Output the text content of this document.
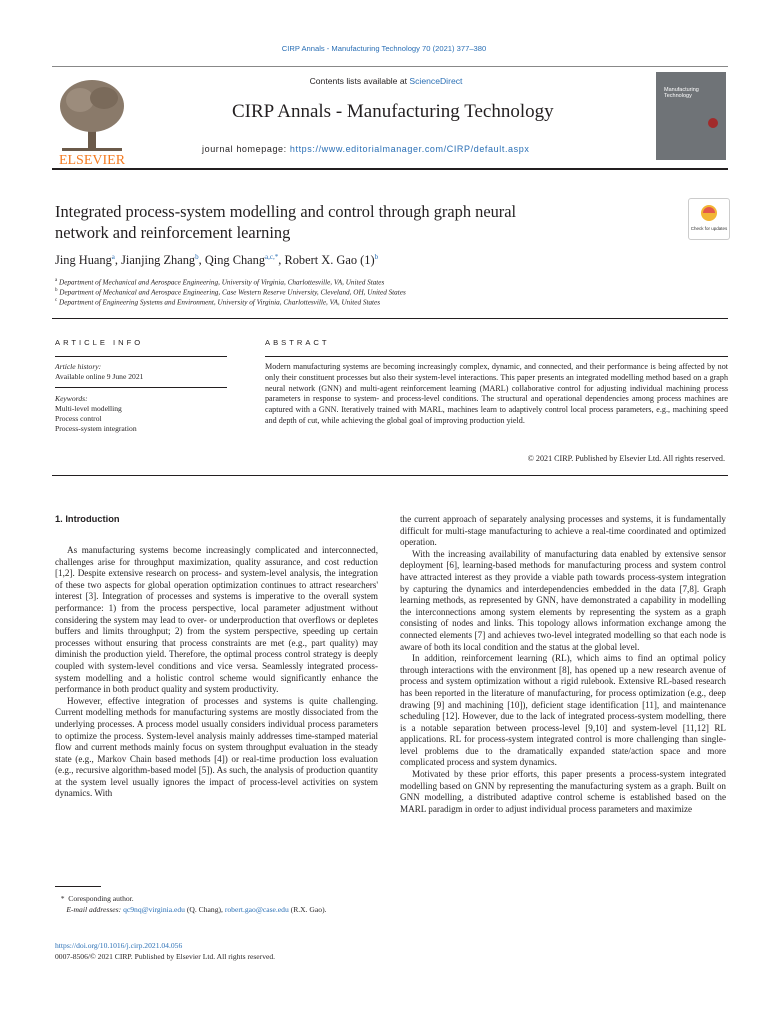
CIRP Annals - Manufacturing Technology 70 (2021) 377–380
ELSEVIER
Contents lists available at ScienceDirect
CIRP Annals - Manufacturing Technology
journal homepage: https://www.editorialmanager.com/CIRP/default.aspx
Manufacturing Technology
Integrated process-system modelling and control through graph neural
network and reinforcement learning	Check for updates
Jing Huang$^a$, Jianjing Zhang$^b$, Qing Chang$^{a,c,*}$, Robert X. Gao $(1)^b$
$^a$ Department of Mechanical and Aerospace Engineering, University of Virginia, Charlottesville, VA, United States
$^b$ Department of Mechanical and Aerospace Engineering, Case Western Reserve University, Cleveland, OH, United States
$^c$ Department of Engineering Systems and Environment, University of Virginia, Charlottesville, VA, United States
ARTICLE INFO	ABSTRACT
Article history:
Available online 9 June 2021
Keywords:
Multi-level modelling
Process control
Process-system integration
Modern manufacturing systems are becoming increasingly complex, dynamic, and connected, and their performance is being affected by not only their constituent processes but also their system-level interactions. This paper presents an integrated modelling method based on a graph neural network (GNN) and multi-agent reinforcement learning (MARL) collaborative control for adjusting individual machining process parameters in response to system- and process-level conditions. The structural and operational dependencies among process machines are captured with a GNN. Iteratively trained with MARL, machines learn to adaptively control local process parameters, e.g., machining speed and depth of cut, while achieving the global goal of improving production yield.
© 2021 CIRP. Published by Elsevier Ltd. All rights reserved.
1. Introduction

As manufacturing systems become increasingly complicated and interconnected, challenges arise for throughput maximization, quality assurance, and cost reduction [1,2]. Despite extensive research on process- and system-level analysis, the integration of these two aspects for global operation optimization continues to attract researchers' interest [3]. Integration of processes and systems is imperative to the overall system performance: 1) from the process perspective, local parameter adjustment without considering the system may lead to over- or underproduction that overflows or depletes buffers and limits throughput; 2) from the system perspective, speeding up certain processes without ensuring that process constraints are met (e.g., part quality) may diminish the production yield. Therefore, the optimal process control strategy is deeply coupled with system-level conditions and vice versa. Seamlessly integrated process-system modelling and a holistic control scheme would significantly enhance the performance in both product quality and system productivity.

However, effective integration of processes and systems is quite challenging. Current modelling methods for manufacturing systems are mostly dissociated from the underlying processes. A process model usually considers individual process parameters to optimize the process. System-level analysis mainly addresses time-stamped material flow and current methods mainly focus on system throughput evaluation in the steady state (e.g., Markov Chain based methods [4]) or real-time production loss evaluation (e.g., recursive algorithm-based model [5]). As such, the analysis of production quantity at the system level usually ignores the impact of process-level activities on system dynamics. With

the current approach of separately analysing processes and systems, it is fundamentally difficult for multi-stage manufacturing to achieve a real-time coordinated and optimized operation.

With the increasing availability of manufacturing data enabled by extensive sensor deployment [6], learning-based methods for manufacturing process and system control have attracted interest as they provide a viable path towards process-system integration by capturing the dynamics and interdependencies embedded in the data [7,8]. Graph learning methods, as represented by GNN, have demonstrated a capability in modelling the interconnections among system elements by representing the system as a graph consisting of nodes and links. This topology allows information exchange among the connected elements [7] and achieves two-level integrated modelling so that each node is aware of both its local condition and the status at the global level.

In addition, reinforcement learning (RL), which aims to find an optimal policy through interactions with the environment [8], has opened up a new research avenue of process and system optimization without a rigid rulebook. Extensive RL-based research has been reported in the literature of manufacturing, for process optimization (e.g., deep drawing [9] and machining [10]), deficient stage identification [11], and maintenance scheduling [12]. However, due to the lack of integrated process-system modelling, there is a notable separation between process-level [9,10] and system-level [11,12] RL applications. RL for process-system integrated control is more challenging than single-level problems due to the dramatically expanded state/action space and more complicated process and system dynamics.

Motivated by these prior efforts, this paper presents a process-system integrated modelling based on GNN by representing the manufacturing system as a graph. Built on GNN modelling, a distributed adaptive control scheme is established based on the MARL paradigm in order to adjust individual process parameters and maximize

* Coresponding author.
E-mail addresses: qc9nq@virginia.edu (Q. Chang), robert.gao@case.edu (R.X. Gao).
https://doi.org/10.1016/j.cirp.2021.04.056
0007-8506/© 2021 CIRP. Published by Elsevier Ltd. All rights reserved.
